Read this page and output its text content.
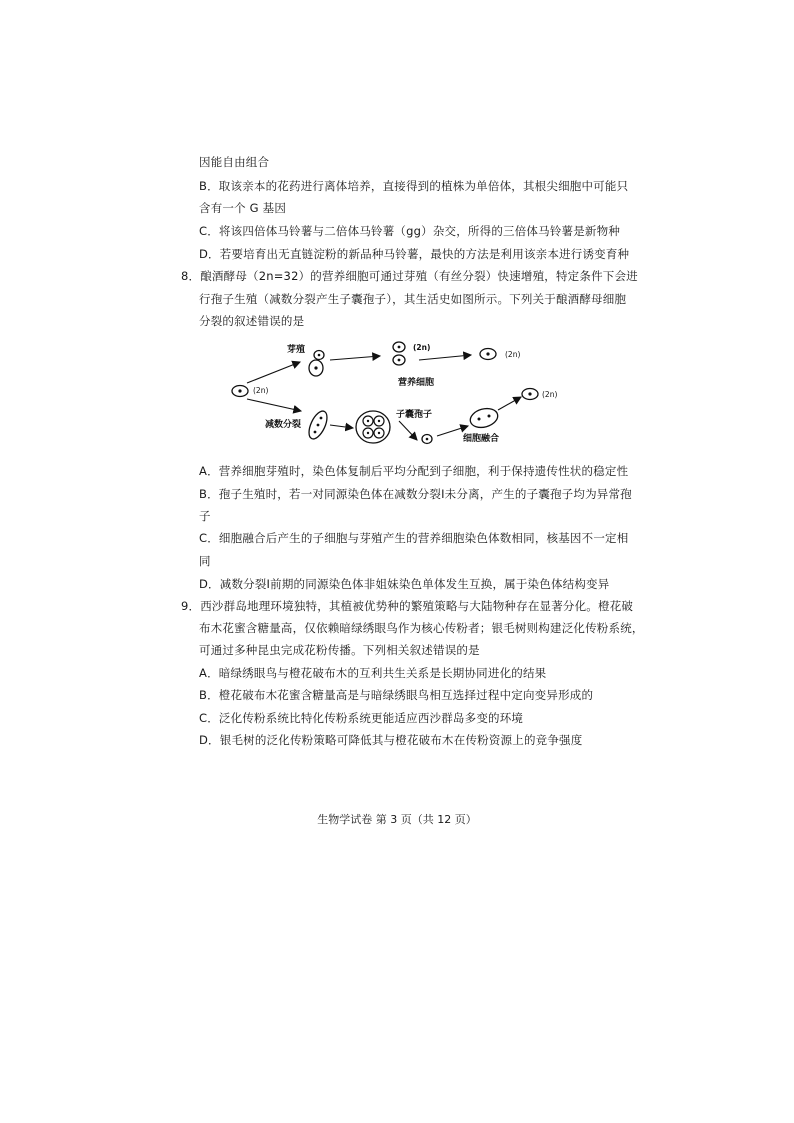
因能自由组合
B．取该亲本的花药进行离体培养，直接得到的植株为单倍体，其根尖细胞中可能只
含有一个 G 基因
C．将该四倍体马铃薯与二倍体马铃薯（gg）杂交，所得的三倍体马铃薯是新物种
D．若要培育出无直链淀粉的新品种马铃薯，最快的方法是利用该亲本进行诱变育种
8．酿酒酵母（2n=32）的营养细胞可通过芽殖（有丝分裂）快速增殖，特定条件下会进
行孢子生殖（减数分裂产生子囊孢子），其生活史如图所示。下列关于酿酒酵母细胞
分裂的叙述错误的是
(2n)
芽殖	(2n)
营养细胞
(2n)
减数分裂
子囊孢子
细胞融合
(2n)
A．营养细胞芽殖时，染色体复制后平均分配到子细胞，利于保持遗传性状的稳定性
B．孢子生殖时，若一对同源染色体在减数分裂Ⅰ未分离，产生的子囊孢子均为异常孢
子
C．细胞融合后产生的子细胞与芽殖产生的营养细胞染色体数相同，核基因不一定相
同
D．减数分裂Ⅰ前期的同源染色体非姐妹染色单体发生互换，属于染色体结构变异
9．西沙群岛地理环境独特，其植被优势种的繁殖策略与大陆物种存在显著分化。橙花破
布木花蜜含糖量高，仅依赖暗绿绣眼鸟作为核心传粉者；银毛树则构建泛化传粉系统，
可通过多种昆虫完成花粉传播。下列相关叙述错误的是
A．暗绿绣眼鸟与橙花破布木的互利共生关系是长期协同进化的结果
B．橙花破布木花蜜含糖量高是与暗绿绣眼鸟相互选择过程中定向变异形成的
C．泛化传粉系统比特化传粉系统更能适应西沙群岛多变的环境
D．银毛树的泛化传粉策略可降低其与橙花破布木在传粉资源上的竞争强度
生物学试卷 第 3 页（共 12 页）
